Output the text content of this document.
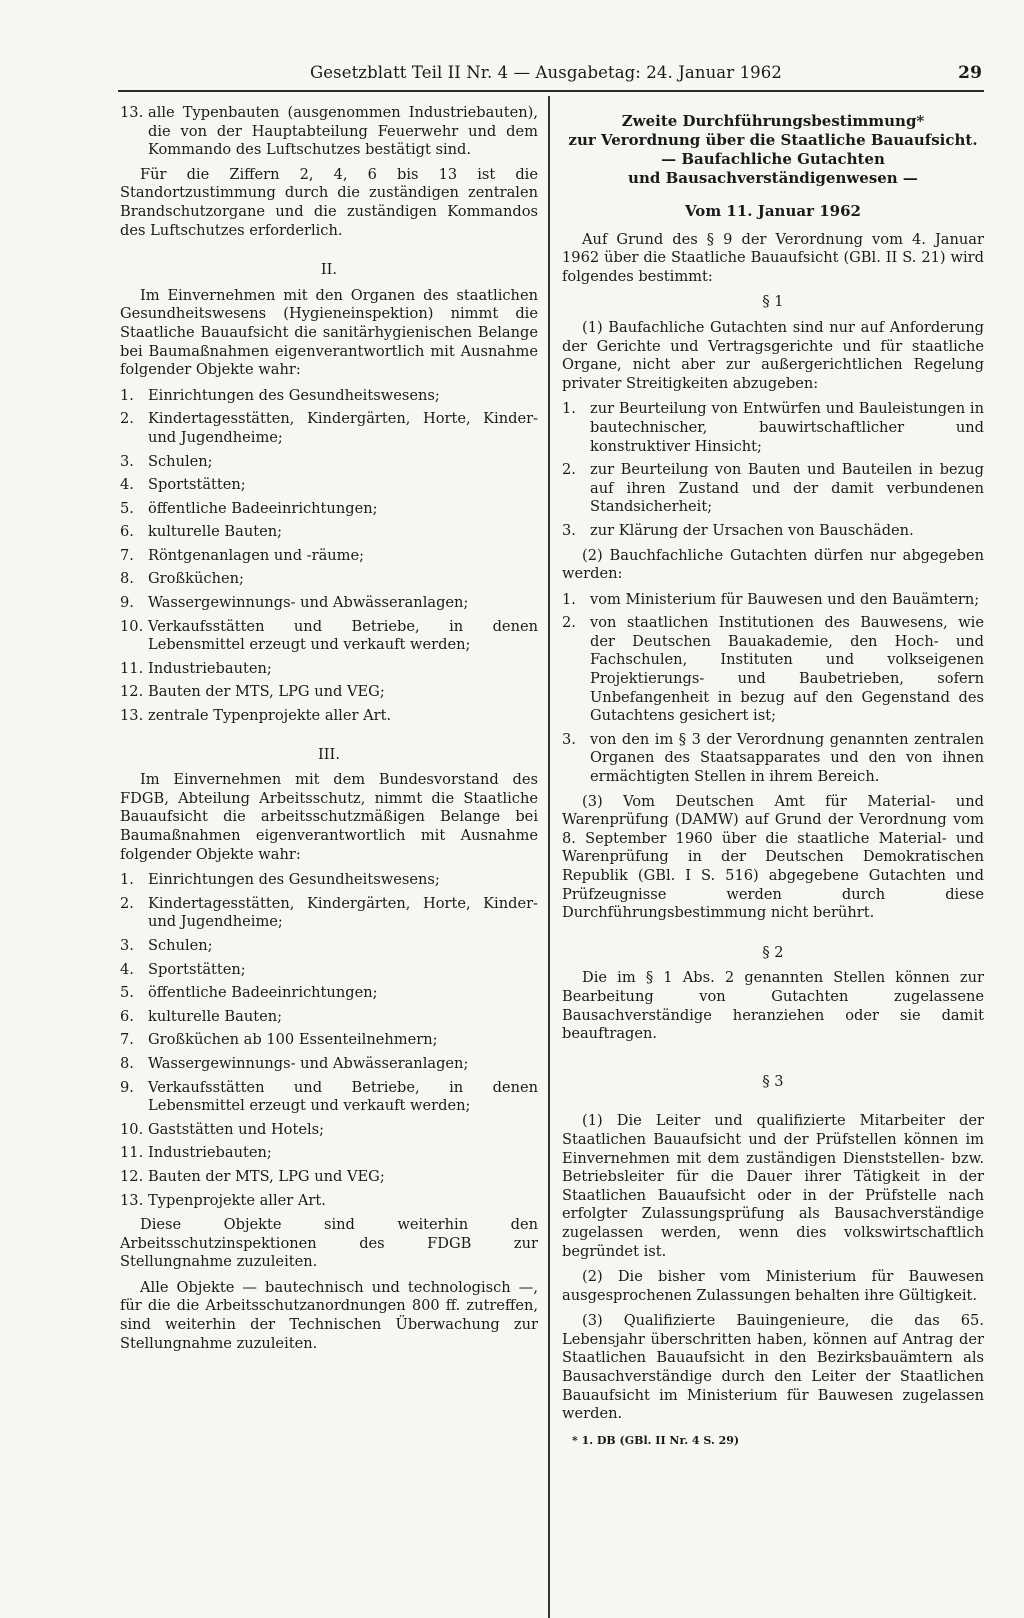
Gesetzblatt Teil II Nr. 4 — Ausgabetag: 24. Januar 1962	29
13. alle Typenbauten (ausgenommen Industriebauten), die von der Hauptabteilung Feuerwehr und dem Kommando des Luftschutzes bestätigt sind.

Für die Ziffern 2, 4, 6 bis 13 ist die Standortzustimmung durch die zuständigen zentralen Brandschutzorgane und die zuständigen Kommandos des Luftschutzes erforderlich.

II.

Im Einvernehmen mit den Organen des staatlichen Gesundheitswesens (Hygieneinspektion) nimmt die Staatliche Bauaufsicht die sanitärhygienischen Belange bei Baumaßnahmen eigenverantwortlich mit Ausnahme folgender Objekte wahr:

1. Einrichtungen des Gesundheitswesens;
2. Kindertagesstätten, Kindergärten, Horte, Kinder- und Jugendheime;
3. Schulen;
4. Sportstätten;
5. öffentliche Badeeinrichtungen;
6. kulturelle Bauten;
7. Röntgenanlagen und -räume;
8. Großküchen;
9. Wassergewinnungs- und Abwässeranlagen;
10. Verkaufsstätten und Betriebe, in denen Lebensmittel erzeugt und verkauft werden;
11. Industriebauten;
12. Bauten der MTS, LPG und VEG;
13. zentrale Typenprojekte aller Art.

III.

Im Einvernehmen mit dem Bundesvorstand des FDGB, Abteilung Arbeitsschutz, nimmt die Staatliche Bauaufsicht die arbeitsschutzmäßigen Belange bei Baumaßnahmen eigenverantwortlich mit Ausnahme folgender Objekte wahr:

1. Einrichtungen des Gesundheitswesens;
2. Kindertagesstätten, Kindergärten, Horte, Kinder- und Jugendheime;
3. Schulen;
4. Sportstätten;
5. öffentliche Badeeinrichtungen;
6. kulturelle Bauten;
7. Großküchen ab 100 Essenteilnehmern;
8. Wassergewinnungs- und Abwässeranlagen;
9. Verkaufsstätten und Betriebe, in denen Lebensmittel erzeugt und verkauft werden;
10. Gaststätten und Hotels;
11. Industriebauten;
12. Bauten der MTS, LPG und VEG;
13. Typenprojekte aller Art.

Diese Objekte sind weiterhin den Arbeitsschutzinspektionen des FDGB zur Stellungnahme zuzuleiten.

Alle Objekte — bautechnisch und technologisch —, für die die Arbeitsschutzanordnungen 800 ff. zutreffen, sind weiterhin der Technischen Überwachung zur Stellungnahme zuzuleiten.

Zweite Durchführungsbestimmung*

zur Verordnung über die Staatliche Bauaufsicht.

— Baufachliche Gutachten

und Bausachverständigenwesen —

Vom 11. Januar 1962

Auf Grund des § 9 der Verordnung vom 4. Januar 1962 über die Staatliche Bauaufsicht (GBl. II S. 21) wird folgendes bestimmt:

§ 1

(1) Baufachliche Gutachten sind nur auf Anforderung der Gerichte und Vertragsgerichte und für staatliche Organe, nicht aber zur außergerichtlichen Regelung privater Streitigkeiten abzugeben:

1. zur Beurteilung von Entwürfen und Bauleistungen in bautechnischer, bauwirtschaftlicher und konstruktiver Hinsicht;
2. zur Beurteilung von Bauten und Bauteilen in bezug auf ihren Zustand und der damit verbundenen Standsicherheit;
3. zur Klärung der Ursachen von Bauschäden.

(2) Bauchfachliche Gutachten dürfen nur abgegeben werden:

1. vom Ministerium für Bauwesen und den Bauämtern;
2. von staatlichen Institutionen des Bauwesens, wie der Deutschen Bauakademie, den Hoch- und Fachschulen, Instituten und volkseigenen Projektierungs- und Baubetrieben, sofern Unbefangenheit in bezug auf den Gegenstand des Gutachtens gesichert ist;
3. von den im § 3 der Verordnung genannten zentralen Organen des Staatsapparates und den von ihnen ermächtigten Stellen in ihrem Bereich.

(3) Vom Deutschen Amt für Material- und Warenprüfung (DAMW) auf Grund der Verordnung vom 8. September 1960 über die staatliche Material- und Warenprüfung in der Deutschen Demokratischen Republik (GBl. I S. 516) abgegebene Gutachten und Prüfzeugnisse werden durch diese Durchführungsbestimmung nicht berührt.

§ 2

Die im § 1 Abs. 2 genannten Stellen können zur Bearbeitung von Gutachten zugelassene Bausachverständige heranziehen oder sie damit beauftragen.

§ 3

(1) Die Leiter und qualifizierte Mitarbeiter der Staatlichen Bauaufsicht und der Prüfstellen können im Einvernehmen mit dem zuständigen Dienststellen- bzw. Betriebsleiter für die Dauer ihrer Tätigkeit in der Staatlichen Bauaufsicht oder in der Prüfstelle nach erfolgter Zulassungsprüfung als Bausachverständige zugelassen werden, wenn dies volkswirtschaftlich begründet ist.

(2) Die bisher vom Ministerium für Bauwesen ausgesprochenen Zulassungen behalten ihre Gültigkeit.

(3) Qualifizierte Bauingenieure, die das 65. Lebensjahr überschritten haben, können auf Antrag der Staatlichen Bauaufsicht in den Bezirksbauämtern als Bausachverständige durch den Leiter der Staatlichen Bauaufsicht im Ministerium für Bauwesen zugelassen werden.

* 1. DB (GBl. II Nr. 4 S. 29)
